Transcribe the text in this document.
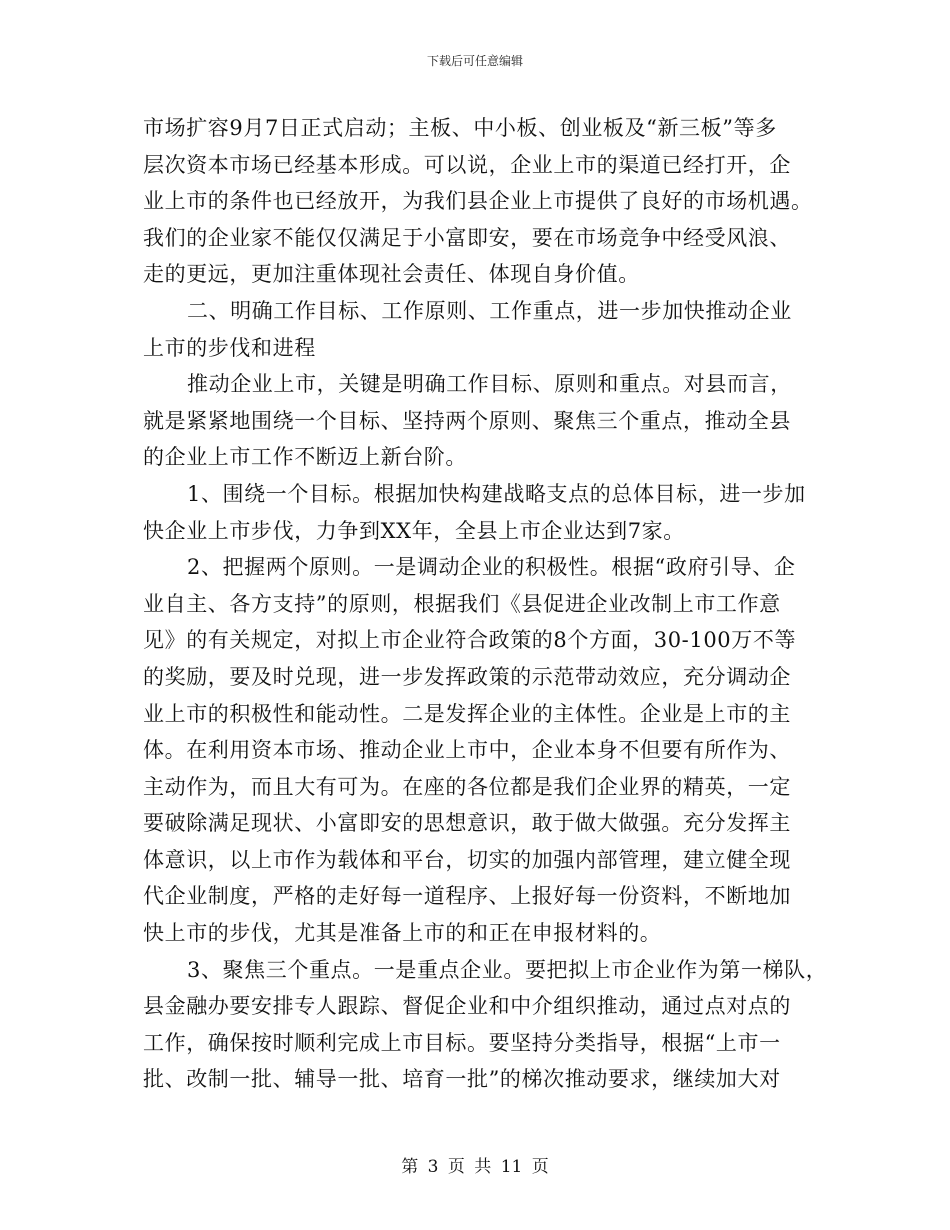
下载后可任意编辑
市场扩容9月7日正式启动；主板、中小板、创业板及“新三板”等多
层次资本市场已经基本形成。可以说，企业上市的渠道已经打开，企
业上市的条件也已经放开，为我们县企业上市提供了良好的市场机遇。
我们的企业家不能仅仅满足于小富即安，要在市场竞争中经受风浪、
走的更远，更加注重体现社会责任、体现自身价值。
二、明确工作目标、工作原则、工作重点，进一步加快推动企业
上市的步伐和进程
推动企业上市，关键是明确工作目标、原则和重点。对县而言，
就是紧紧地围绕一个目标、坚持两个原则、聚焦三个重点，推动全县
的企业上市工作不断迈上新台阶。
1、围绕一个目标。根据加快构建战略支点的总体目标，进一步加
快企业上市步伐，力争到XX年，全县上市企业达到7家。
2、把握两个原则。一是调动企业的积极性。根据“政府引导、企
业自主、各方支持”的原则，根据我们《县促进企业改制上市工作意
见》的有关规定，对拟上市企业符合政策的8个方面，30-100万不等
的奖励，要及时兑现，进一步发挥政策的示范带动效应，充分调动企
业上市的积极性和能动性。二是发挥企业的主体性。企业是上市的主
体。在利用资本市场、推动企业上市中，企业本身不但要有所作为、
主动作为，而且大有可为。在座的各位都是我们企业界的精英，一定
要破除满足现状、小富即安的思想意识，敢于做大做强。充分发挥主
体意识，以上市作为载体和平台，切实的加强内部管理，建立健全现
代企业制度，严格的走好每一道程序、上报好每一份资料，不断地加
快上市的步伐，尤其是准备上市的和正在申报材料的。
3、聚焦三个重点。一是重点企业。要把拟上市企业作为第一梯队，
县金融办要安排专人跟踪、督促企业和中介组织推动，通过点对点的
工作，确保按时顺利完成上市目标。要坚持分类指导，根据“上市一
批、改制一批、辅导一批、培育一批”的梯次推动要求，继续加大对
第 3 页 共 11 页
